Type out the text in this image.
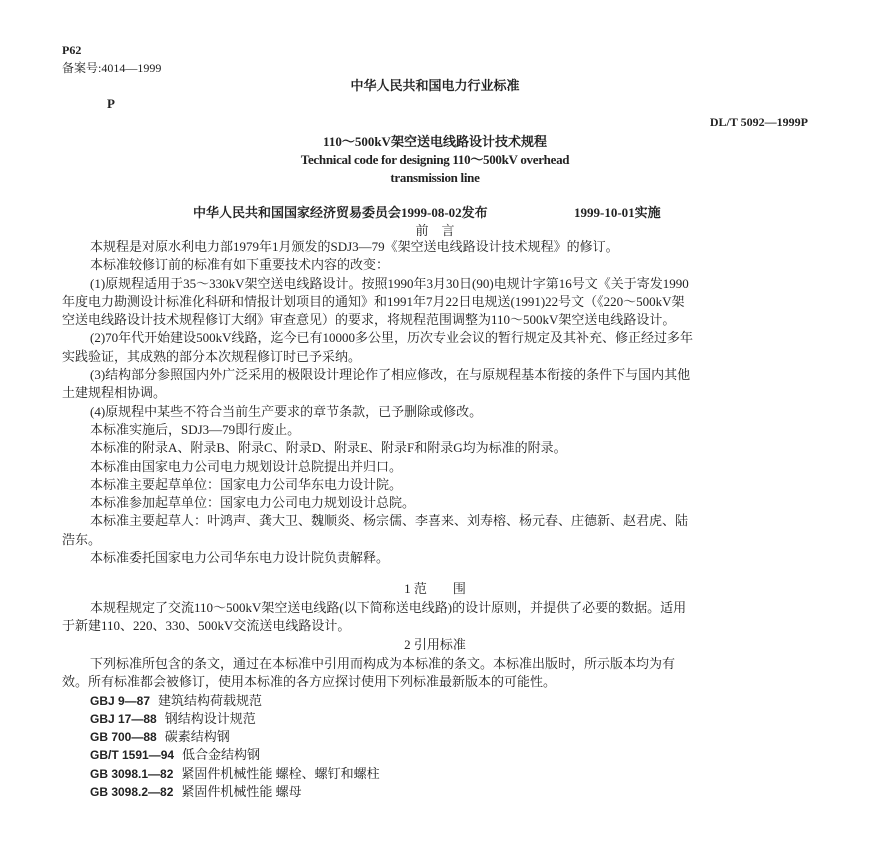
P62
备案号:4014—1999
中华人民共和国电力行业标准
P
DL/T 5092—1999P
110～500kV架空送电线路设计技术规程
Technical code for designing 110～500kV overhead
transmission line
中华人民共和国国家经济贸易委员会1999-08-02发布	1999-10-01实施
前　言
本规程是对原水利电力部1979年1月颁发的SDJ3—79《架空送电线路设计技术规程》的修订。
本标准较修订前的标准有如下重要技术内容的改变：
(1)原规程适用于35～330kV架空送电线路设计。按照1990年3月30日(90)电规计字第16号文《关于寄发1990
年度电力勘测设计标准化科研和情报计划项目的通知》和1991年7月22日电规送(1991)22号文（《220～500kV架
空送电线路设计技术规程修订大纲》审查意见）的要求，将规程范围调整为110～500kV架空送电线路设计。
(2)70年代开始建设500kV线路，迄今已有10000多公里，历次专业会议的暂行规定及其补充、修正经过多年
实践验证，其成熟的部分本次规程修订时已予采纳。
(3)结构部分参照国内外广泛采用的极限设计理论作了相应修改，在与原规程基本衔接的条件下与国内其他
土建规程相协调。
(4)原规程中某些不符合当前生产要求的章节条款，已予删除或修改。
本标准实施后，SDJ3—79即行废止。
本标准的附录A、附录B、附录C、附录D、附录E、附录F和附录G均为标准的附录。
本标准由国家电力公司电力规划设计总院提出并归口。
本标准主要起草单位：国家电力公司华东电力设计院。
本标准参加起草单位：国家电力公司电力规划设计总院。
本标准主要起草人：叶鸿声、龚大卫、魏顺炎、杨宗儒、李喜来、刘寿榕、杨元春、庄德新、赵君虎、陆
浩东。
本标准委托国家电力公司华东电力设计院负责解释。
1 范　　围
本规程规定了交流110～500kV架空送电线路(以下简称送电线路)的设计原则，并提供了必要的数据。适用
于新建110、220、330、500kV交流送电线路设计。
2 引用标准
下列标准所包含的条文，通过在本标准中引用而构成为本标准的条文。本标准出版时，所示版本均为有
效。所有标准都会被修订，使用本标准的各方应探讨使用下列标准最新版本的可能性。
GBJ 9—87 建筑结构荷载规范
GBJ 17—88 钢结构设计规范
GB 700—88 碳素结构钢
GB/T 1591—94 低合金结构钢
GB 3098.1—82 紧固件机械性能 螺栓、螺钉和螺柱
GB 3098.2—82 紧固件机械性能 螺母
